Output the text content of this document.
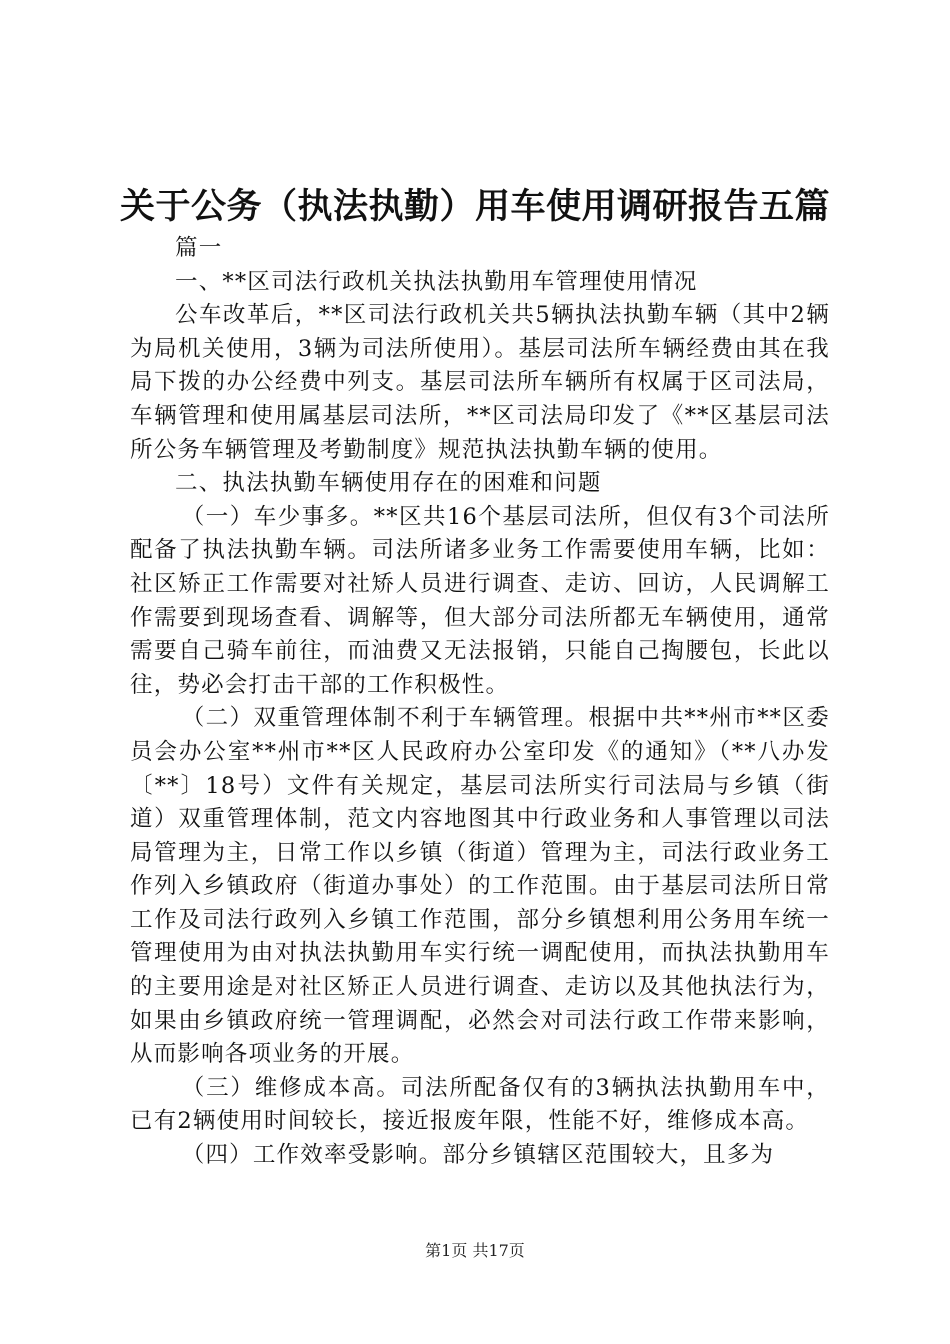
关于公务（执法执勤）用车使用调研报告五篇

篇一

一、**区司法行政机关执法执勤用车管理使用情况

公车改革后，**区司法行政机关共5辆执法执勤车辆（其中2辆为局机关使用，3辆为司法所使用）。基层司法所车辆经费由其在我局下拨的办公经费中列支。基层司法所车辆所有权属于区司法局，车辆管理和使用属基层司法所，**区司法局印发了《**区基层司法所公务车辆管理及考勤制度》规范执法执勤车辆的使用。

二、执法执勤车辆使用存在的困难和问题

（一）车少事多。**区共16个基层司法所，但仅有3个司法所配备了执法执勤车辆。司法所诸多业务工作需要使用车辆，比如：社区矫正工作需要对社矫人员进行调查、走访、回访，人民调解工作需要到现场查看、调解等，但大部分司法所都无车辆使用，通常需要自己骑车前往，而油费又无法报销，只能自己掏腰包，长此以往，势必会打击干部的工作积极性。

（二）双重管理体制不利于车辆管理。根据中共**州市**区委员会办公室**州市**区人民政府办公室印发《的通知》（**八办发〔**〕18号）文件有关规定，基层司法所实行司法局与乡镇（街道）双重管理体制，范文内容地图其中行政业务和人事管理以司法局管理为主，日常工作以乡镇（街道）管理为主，司法行政业务工作列入乡镇政府（街道办事处）的工作范围。由于基层司法所日常工作及司法行政列入乡镇工作范围，部分乡镇想利用公务用车统一管理使用为由对执法执勤用车实行统一调配使用，而执法执勤用车的主要用途是对社区矫正人员进行调查、走访以及其他执法行为，如果由乡镇政府统一管理调配，必然会对司法行政工作带来影响，从而影响各项业务的开展。

（三）维修成本高。司法所配备仅有的3辆执法执勤用车中，已有2辆使用时间较长，接近报废年限，性能不好，维修成本高。

（四）工作效率受影响。部分乡镇辖区范围较大，且多为

第1页 共17页
